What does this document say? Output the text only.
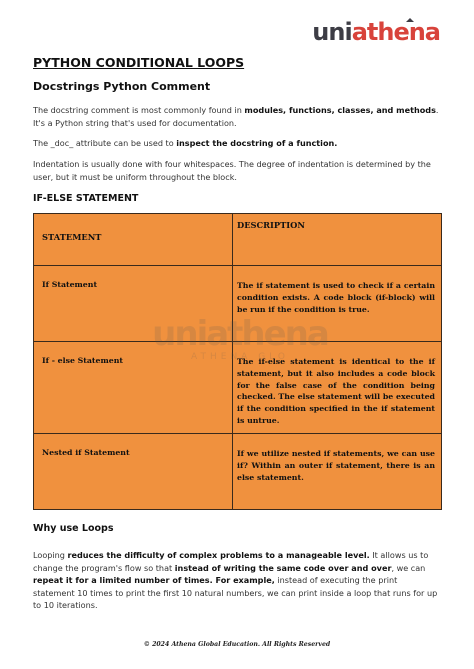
uniathena
PYTHON CONDITIONAL LOOPS
Docstrings Python Comment

The docstring comment is most commonly found in modules, functions, classes, and methods. It's a Python string that's used for documentation.

The _doc_ attribute can be used to inspect the docstring of a function.

Indentation is usually done with four whitespaces. The degree of indentation is determined by the user, but it must be uniform throughout the block.

IF-ELSE STATEMENT
STATEMENT	DESCRIPTION
If Statement	The if statement is used to check if a certain condition exists. A code block (if-block) will be run if the condition is true.
If - else Statement	The if-else statement is identical to the if statement, but it also includes a code block for the false case of the condition being checked. The else statement will be executed if the condition specified in the if statement is untrue.
Nested if Statement	If we utilize nested if statements, we can use if? Within an outer if statement, there is an else statement.
Why use Loops

Looping reduces the difficulty of complex problems to a manageable level. It allows us to change the program's flow so that instead of writing the same code over and over, we can repeat it for a limited number of times. For example, instead of executing the print statement 10 times to print the first 10 natural numbers, we can print inside a loop that runs for up to 10 iterations.

© 2024 Athena Global Education. All Rights Reserved
